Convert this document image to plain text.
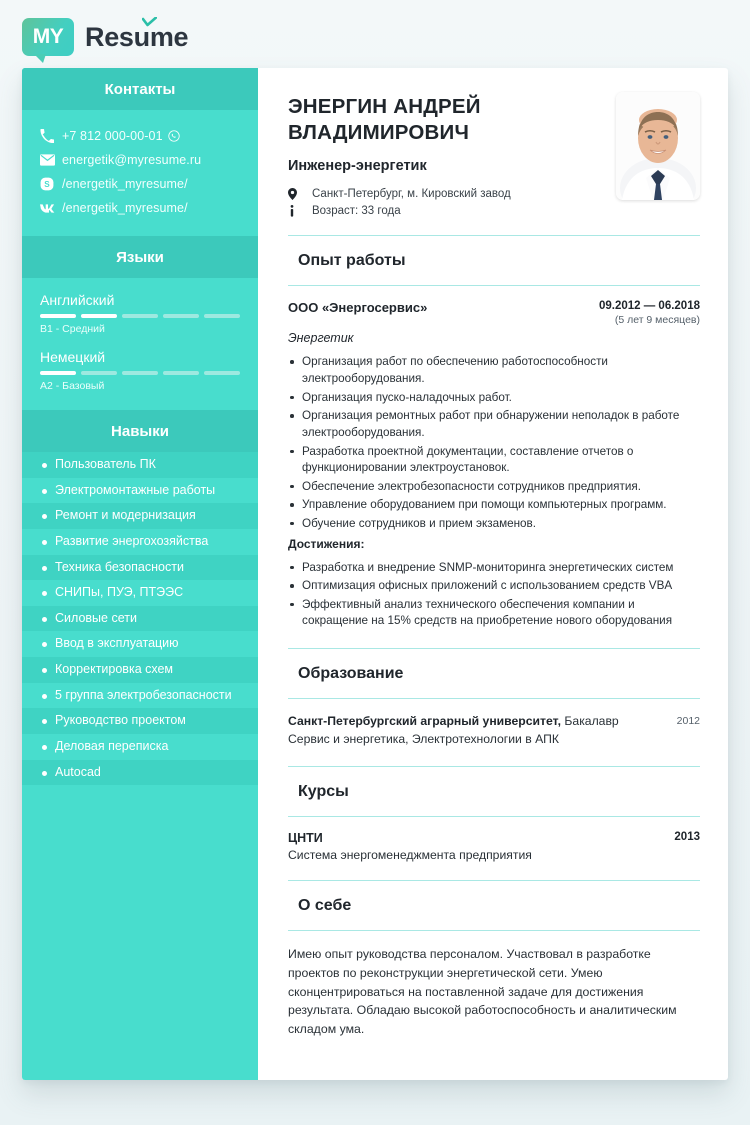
MY Resume
Контакты
+7 812 000-00-01
energetik@myresume.ru
S /energetik_myresume/
/energetik_myresume/
Языки
Английский
B1 - Средний
Немецкий
A2 - Базовый
Навыки
Пользователь ПК
Электромонтажные работы
Ремонт и модернизация
Развитие энергохозяйства
Техника безопасности
СНИПы, ПУЭ, ПТЭЭС
Силовые сети
Ввод в эксплуатацию
Корректировка схем
5 группа электробезопасности
Руководство проектом
Деловая переписка
Autocad
ЭНЕРГИН АНДРЕЙ ВЛАДИМИРОВИЧ
Инженер-энергетик
Санкт-Петербург, м. Кировский завод
Возраст: 33 года
Опыт работы
ООО «Энергосервис»	09.2012 — 06.2018
(5 лет 9 месяцев)
Энергетик
Организация работ по обеспечению работоспособности электрооборудования.
Организация пуско-наладочных работ.
Организация ремонтных работ при обнаружении неполадок в работе электрооборудования.
Разработка проектной документации, составление отчетов о функционировании электроустановок.
Обеспечение электробезопасности сотрудников предприятия.
Управление оборудованием при помощи компьютерных программ.
Обучение сотрудников и прием экзаменов.
Достижения:
Разработка и внедрение SNMP-мониторинга энергетических систем
Оптимизация офисных приложений с использованием средств VBA
Эффективный анализ технического обеспечения компании и сокращение на 15% средств на приобретение нового оборудования
Образование
Санкт-Петербургский аграрный университет, Бакалавр
Сервис и энергетика, Электротехнологии в АПК
2012
Курсы
ЦНТИ
Система энергоменеджмента предприятия
2013
О себе

Имею опыт руководства персоналом. Участвовал в разработке проектов по реконструкции энергетической сети. Умею сконцентрироваться на поставленной задаче для достижения результата. Обладаю высокой работоспособность и аналитическим складом ума.
